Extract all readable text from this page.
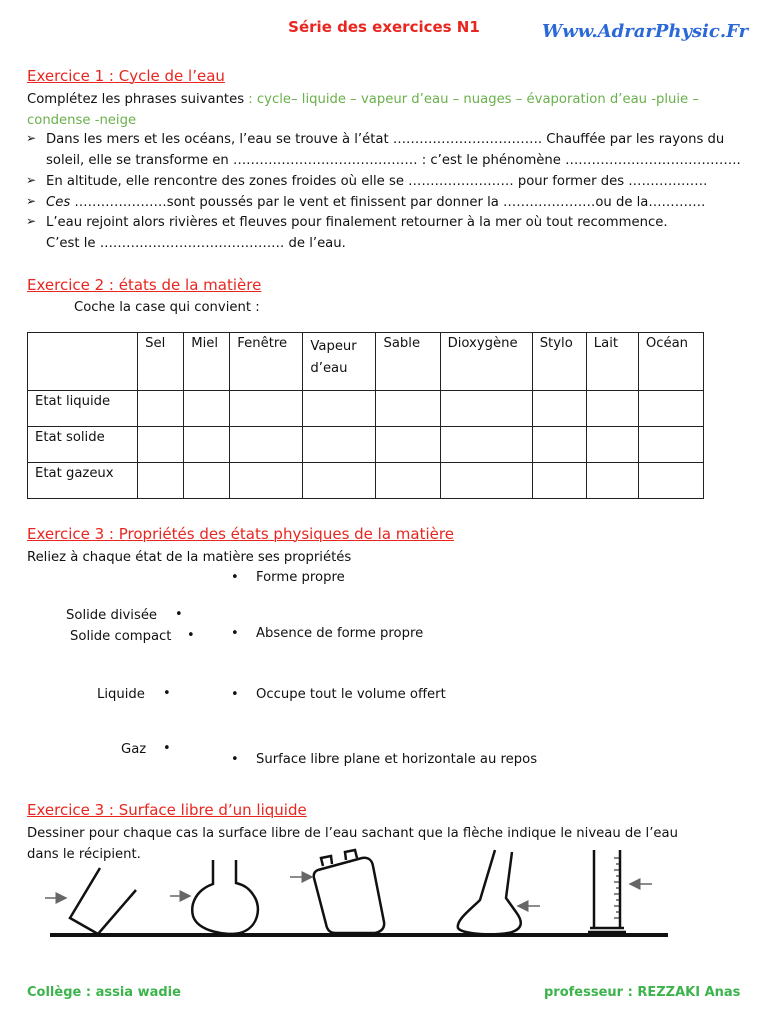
Série des exercices N1	Www.AdrarPhysic.Fr
Exercice 1 : Cycle de l’eau
Complétez les phrases suivantes : cycle– liquide – vapeur d’eau – nuages – évaporation d’eau -pluie –
condense -neige
➢ Dans les mers et les océans, l’eau se trouve à l’état ……………………………. Chauffée par les rayons du
soleil, elle se transforme en …………………………………… : c’est le phénomène ………………………………….
➢ En altitude, elle rencontre des zones froides où elle se …………………… pour former des ………………
➢ Ces …………………sont poussés par le vent et finissent par donner la …………………ou de la………….
➢ L’eau rejoint alors rivières et fleuves pour finalement retourner à la mer où tout recommence.
C’est le …………………………………… de l’eau.
Exercice 2 : états de la matière
Coche la case qui convient :
	Sel	Miel	Fenêtre	Vapeur d’eau	Sable	Dioxygène	Stylo	Lait	Océan
Etat liquide									
Etat solide									
Etat gazeux									
Exercice 3 : Propriétés des états physiques de la matière
Reliez à chaque état de la matière ses propriétés
Solide divisée •
Solide compact •
Liquide •
Gaz •
• Forme propre
• Absence de forme propre
• Occupe tout le volume offert
• Surface libre plane et horizontale au repos
Exercice 3 : Surface libre d’un liquide
Dessiner pour chaque cas la surface libre de l’eau sachant que la flèche indique le niveau de l’eau
dans le récipient.
Collège : assia wadie	professeur : REZZAKI Anas
